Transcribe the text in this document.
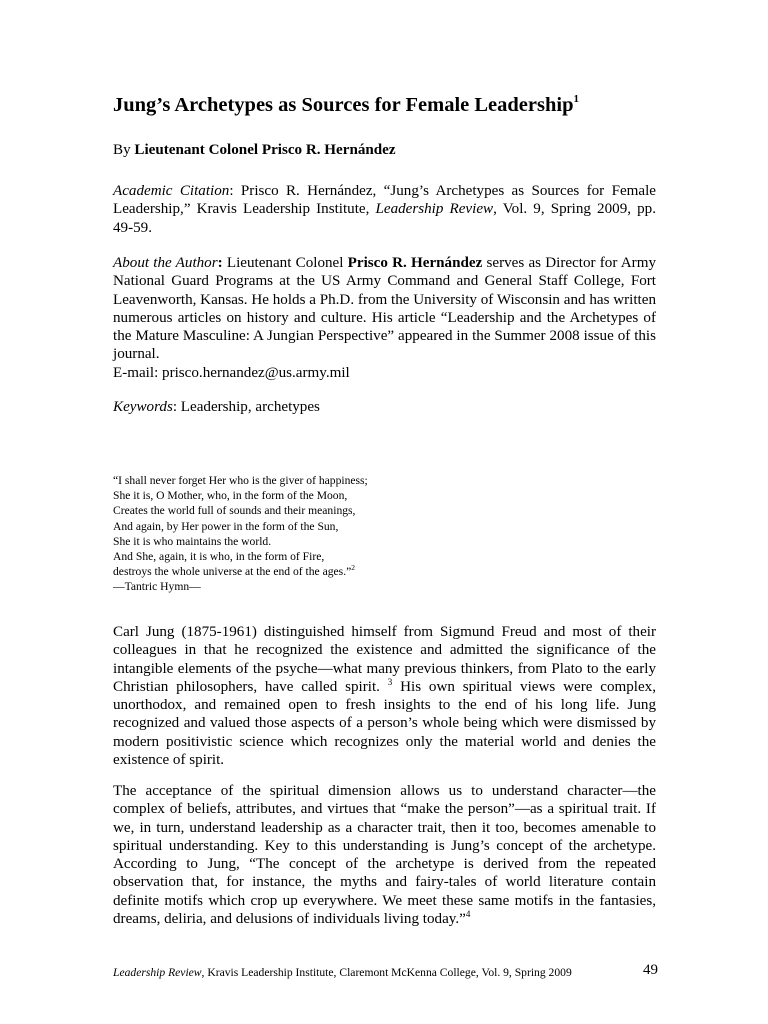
Jung’s Archetypes as Sources for Female Leadership$^1$

By Lieutenant Colonel Prisco R. Hernández

Academic Citation: Prisco R. Hernández, “Jung’s Archetypes as Sources for Female Leadership,” Kravis Leadership Institute, Leadership Review, Vol. 9, Spring 2009, pp. 49-59.

About the Author: Lieutenant Colonel Prisco R. Hernández serves as Director for Army National Guard Programs at the US Army Command and General Staff College, Fort Leavenworth, Kansas. He holds a Ph.D. from the University of Wisconsin and has written numerous articles on history and culture. His article “Leadership and the Archetypes of the Mature Masculine: A Jungian Perspective” appeared in the Summer 2008 issue of this journal.
E-mail: prisco.hernandez@us.army.mil

Keywords: Leadership, archetypes

“I shall never forget Her who is the giver of happiness;
She it is, O Mother, who, in the form of the Moon,
Creates the world full of sounds and their meanings,
And again, by Her power in the form of the Sun,
She it is who maintains the world.
And She, again, it is who, in the form of Fire,
destroys the whole universe at the end of the ages.”$^2$
—Tantric Hymn—

Carl Jung (1875-1961) distinguished himself from Sigmund Freud and most of their colleagues in that he recognized the existence and admitted the significance of the intangible elements of the psyche—what many previous thinkers, from Plato to the early Christian philosophers, have called spirit. $^3$ His own spiritual views were complex, unorthodox, and remained open to fresh insights to the end of his long life. Jung recognized and valued those aspects of a person’s whole being which were dismissed by modern positivistic science which recognizes only the material world and denies the existence of spirit.

The acceptance of the spiritual dimension allows us to understand character—the complex of beliefs, attributes, and virtues that “make the person”—as a spiritual trait. If we, in turn, understand leadership as a character trait, then it too, becomes amenable to spiritual understanding. Key to this understanding is Jung’s concept of the archetype. According to Jung, “The concept of the archetype is derived from the repeated observation that, for instance, the myths and fairy-tales of world literature contain definite motifs which crop up everywhere. We meet these same motifs in the fantasies, dreams, deliria, and delusions of individuals living today.”$^4$

Leadership Review, Kravis Leadership Institute, Claremont McKenna College, Vol. 9, Spring 2009	49
